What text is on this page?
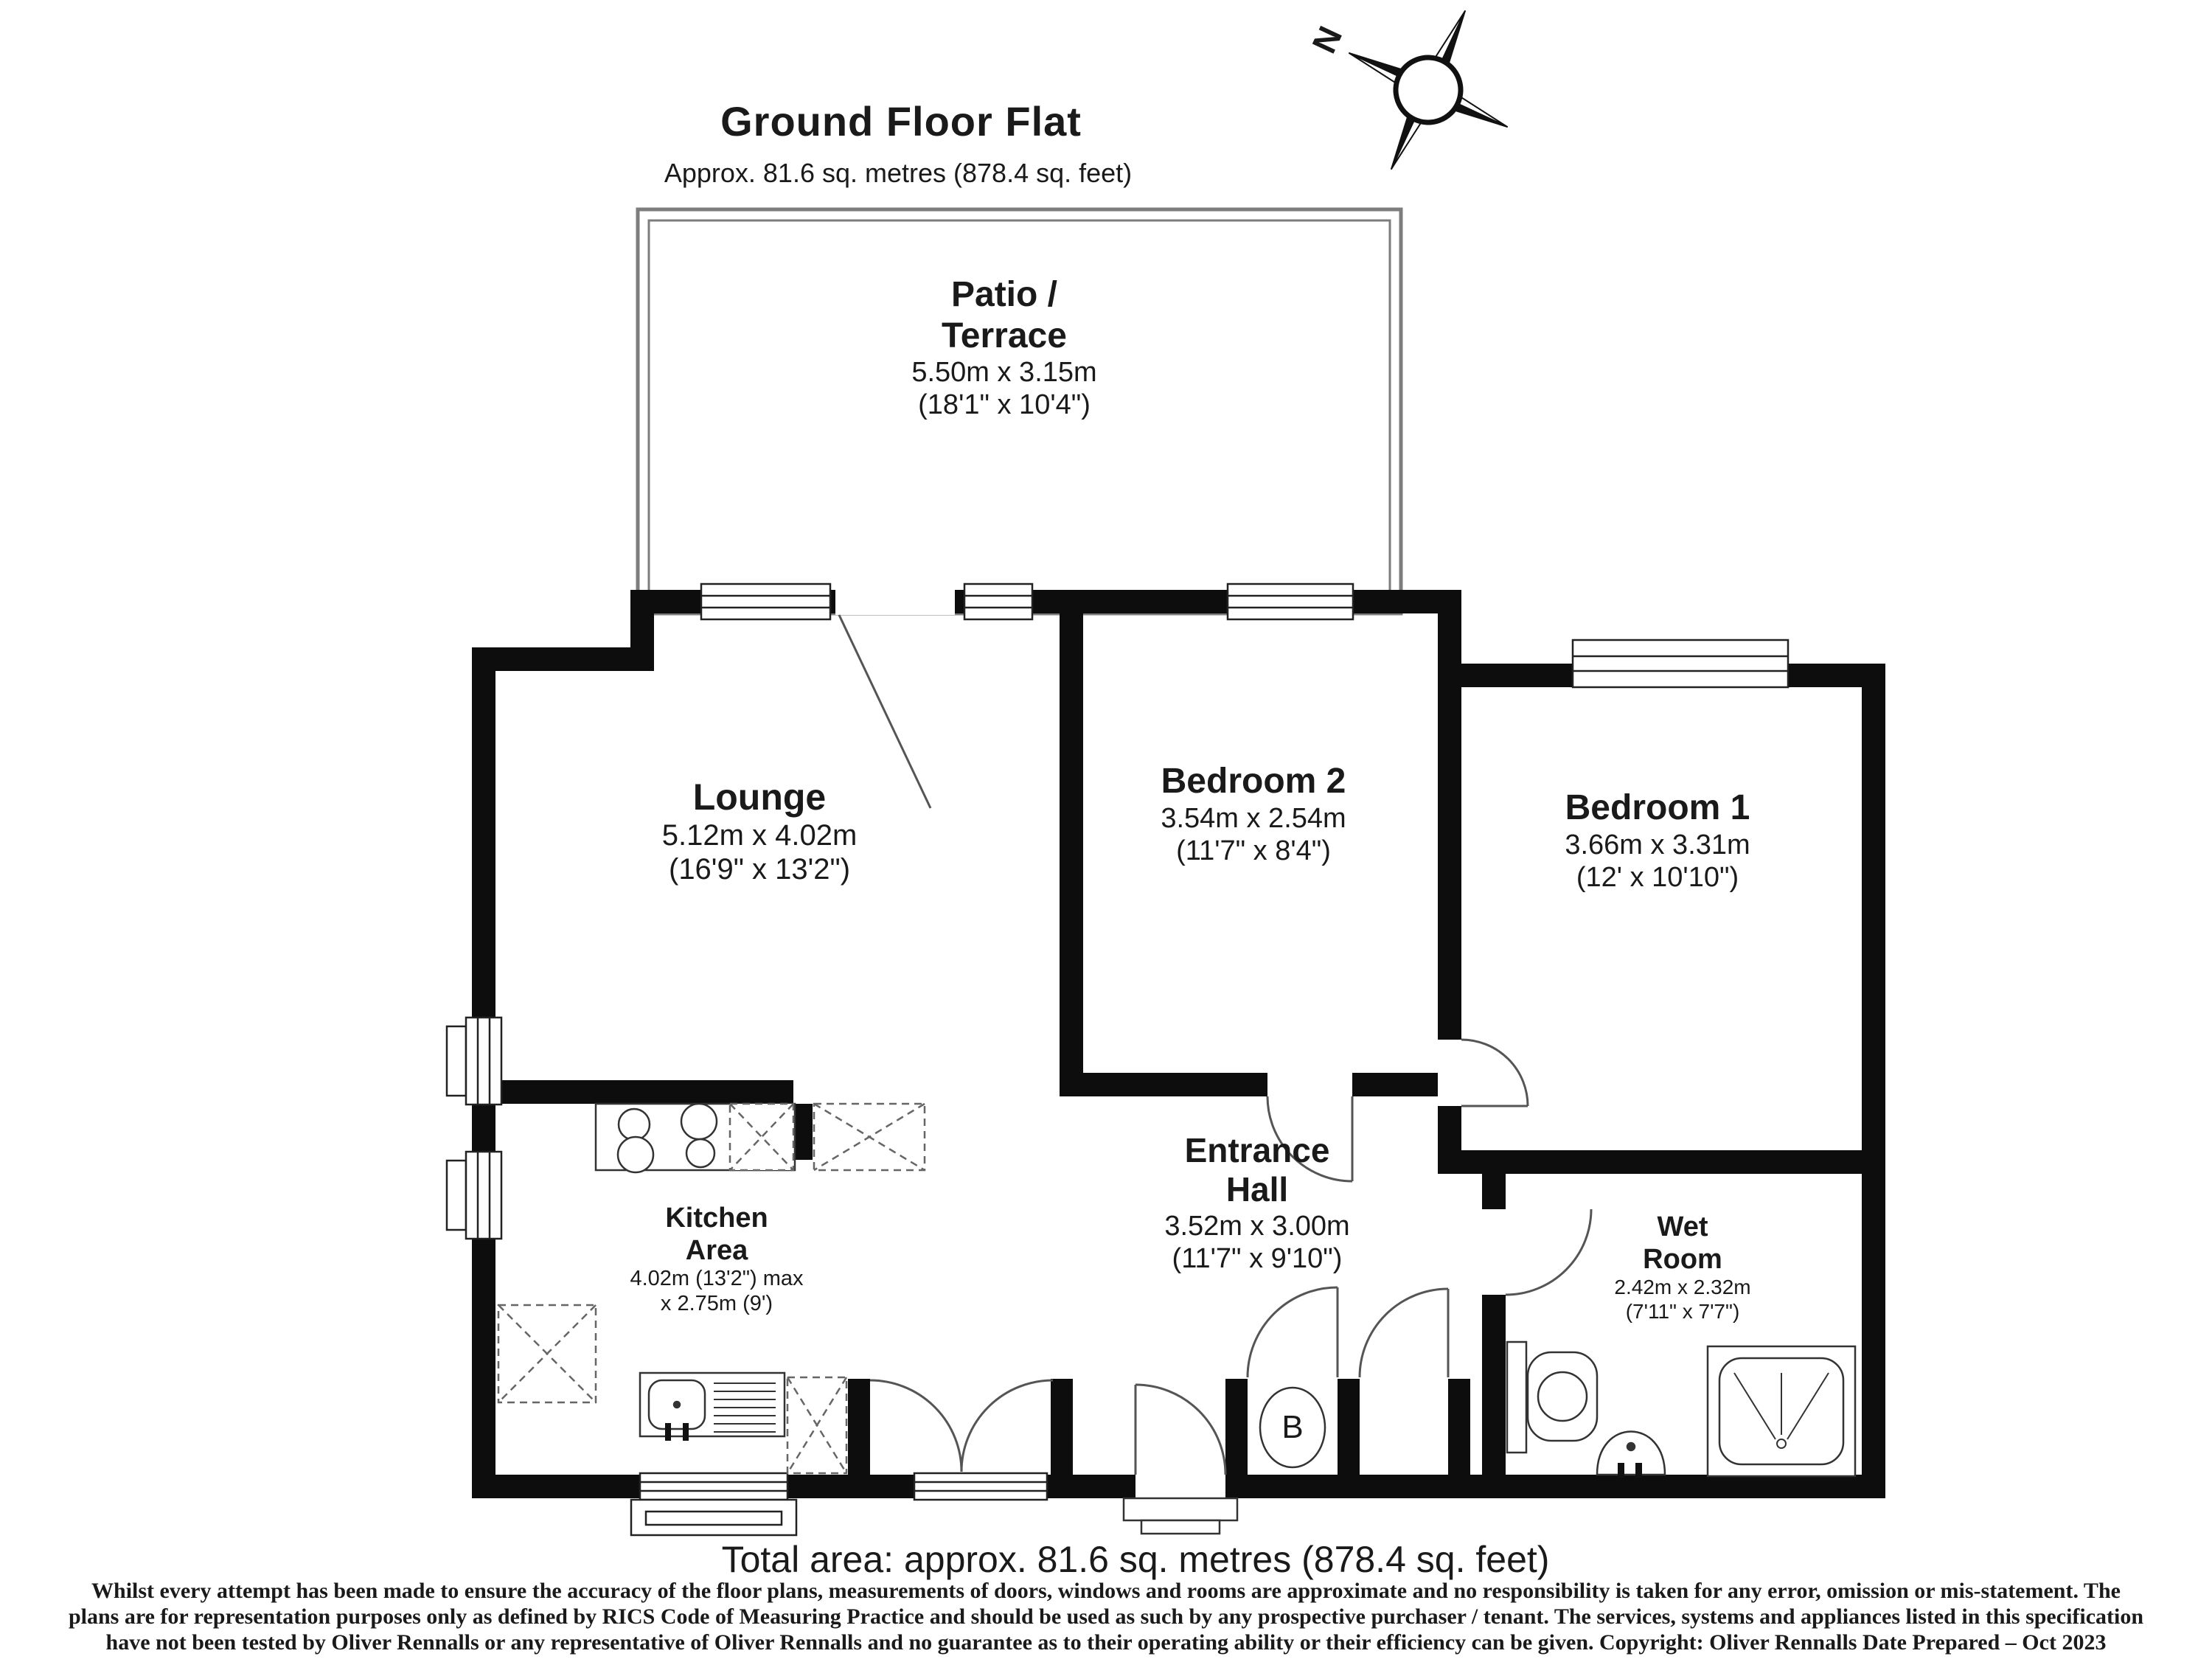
Ground Floor Flat
Approx. 81.6 sq. metres (878.4 sq. feet)
N
Patio /
Terrace
5.50m x 3.15m
(18'1" x 10'4")
Lounge
5.12m x 4.02m
(16'9" x 13'2")
Bedroom 2
3.54m x 2.54m
(11'7" x 8'4")
Bedroom 1
3.66m x 3.31m
(12' x 10'10")
Kitchen
Area
4.02m (13'2") max
x 2.75m (9')
Entrance
Hall
3.52m x 3.00m
(11'7" x 9'10")
Wet
Room
2.42m x 2.32m
(7'11" x 7'7")
B
Total area: approx. 81.6 sq. metres (878.4 sq. feet)
Whilst every attempt has been made to ensure the accuracy of the floor plans, measurements of doors, windows and rooms are approximate and no responsibility is taken for any error, omission or mis-statement. The
plans are for representation purposes only as defined by RICS Code of Measuring Practice and should be used as such by any prospective purchaser / tenant. The services, systems and appliances listed in this specification
have not been tested by Oliver Rennalls or any representative of Oliver Rennalls and no guarantee as to their operating ability or their efficiency can be given. Copyright: Oliver Rennalls Date Prepared – Oct 2023
